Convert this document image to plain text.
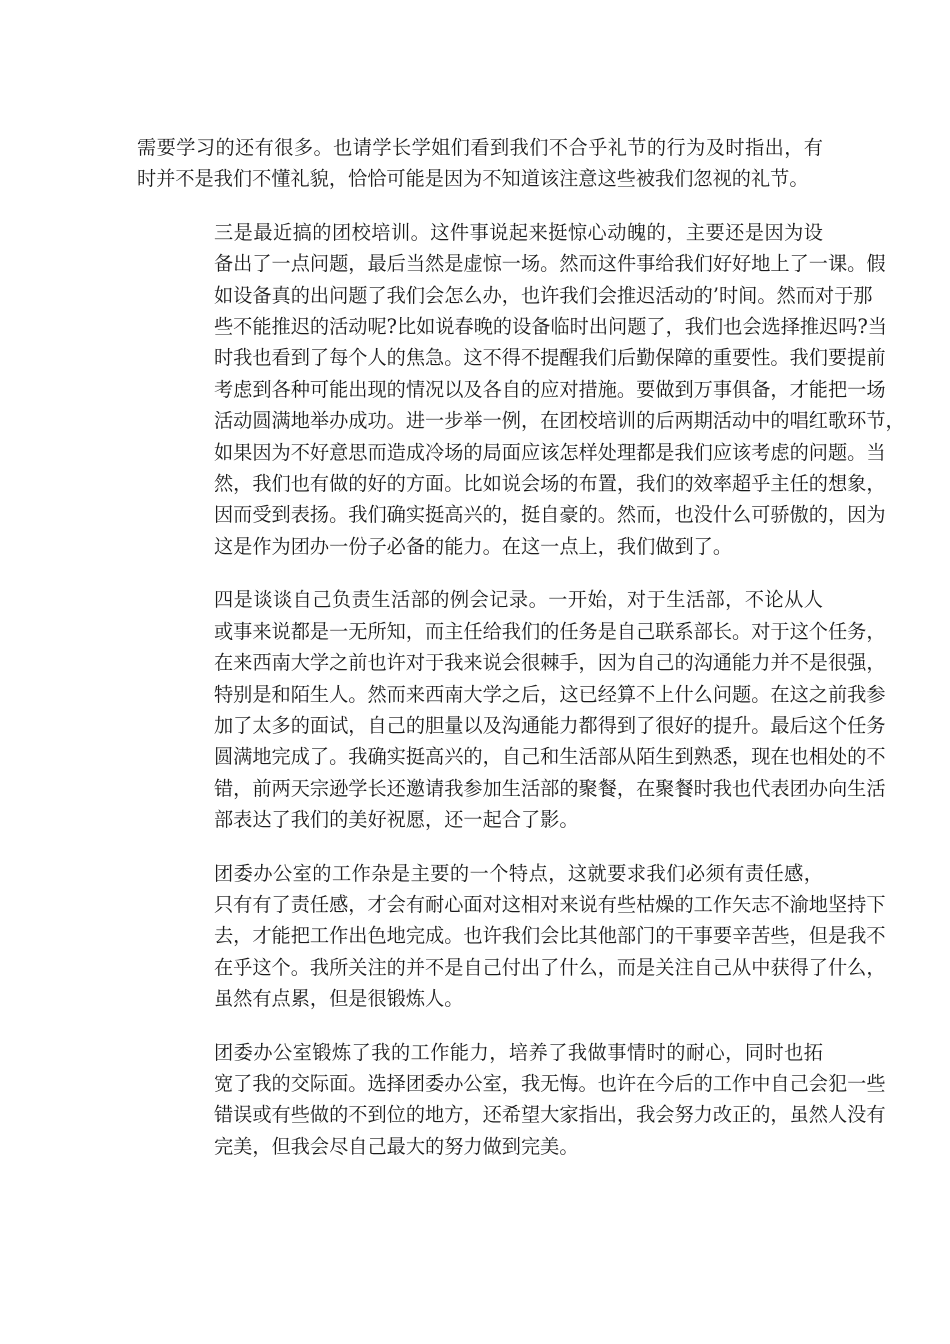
需要学习的还有很多。也请学长学姐们看到我们不合乎礼节的行为及时指出，有
时并不是我们不懂礼貌，恰恰可能是因为不知道该注意这些被我们忽视的礼节。

三是最近搞的团校培训。这件事说起来挺惊心动魄的，主要还是因为设
备出了一点问题，最后当然是虚惊一场。然而这件事给我们好好地上了一课。假
如设备真的出问题了我们会怎么办，也许我们会推迟活动的’时间。然而对于那
些不能推迟的活动呢?比如说春晚的设备临时出问题了，我们也会选择推迟吗?当
时我也看到了每个人的焦急。这不得不提醒我们后勤保障的重要性。我们要提前
考虑到各种可能出现的情况以及各自的应对措施。要做到万事俱备，才能把一场
活动圆满地举办成功。进一步举一例，在团校培训的后两期活动中的唱红歌环节，
如果因为不好意思而造成冷场的局面应该怎样处理都是我们应该考虑的问题。当
然，我们也有做的好的方面。比如说会场的布置，我们的效率超乎主任的想象，
因而受到表扬。我们确实挺高兴的，挺自豪的。然而，也没什么可骄傲的，因为
这是作为团办一份子必备的能力。在这一点上，我们做到了。

四是谈谈自己负责生活部的例会记录。一开始，对于生活部，不论从人
或事来说都是一无所知，而主任给我们的任务是自己联系部长。对于这个任务，
在来西南大学之前也许对于我来说会很棘手，因为自己的沟通能力并不是很强，
特别是和陌生人。然而来西南大学之后，这已经算不上什么问题。在这之前我参
加了太多的面试，自己的胆量以及沟通能力都得到了很好的提升。最后这个任务
圆满地完成了。我确实挺高兴的，自己和生活部从陌生到熟悉，现在也相处的不
错，前两天宗逊学长还邀请我参加生活部的聚餐，在聚餐时我也代表团办向生活
部表达了我们的美好祝愿，还一起合了影。

团委办公室的工作杂是主要的一个特点，这就要求我们必须有责任感，
只有有了责任感，才会有耐心面对这相对来说有些枯燥的工作矢志不渝地坚持下
去，才能把工作出色地完成。也许我们会比其他部门的干事要辛苦些，但是我不
在乎这个。我所关注的并不是自己付出了什么，而是关注自己从中获得了什么，
虽然有点累，但是很锻炼人。

团委办公室锻炼了我的工作能力，培养了我做事情时的耐心，同时也拓
宽了我的交际面。选择团委办公室，我无悔。也许在今后的工作中自己会犯一些
错误或有些做的不到位的地方，还希望大家指出，我会努力改正的，虽然人没有
完美，但我会尽自己最大的努力做到完美。
